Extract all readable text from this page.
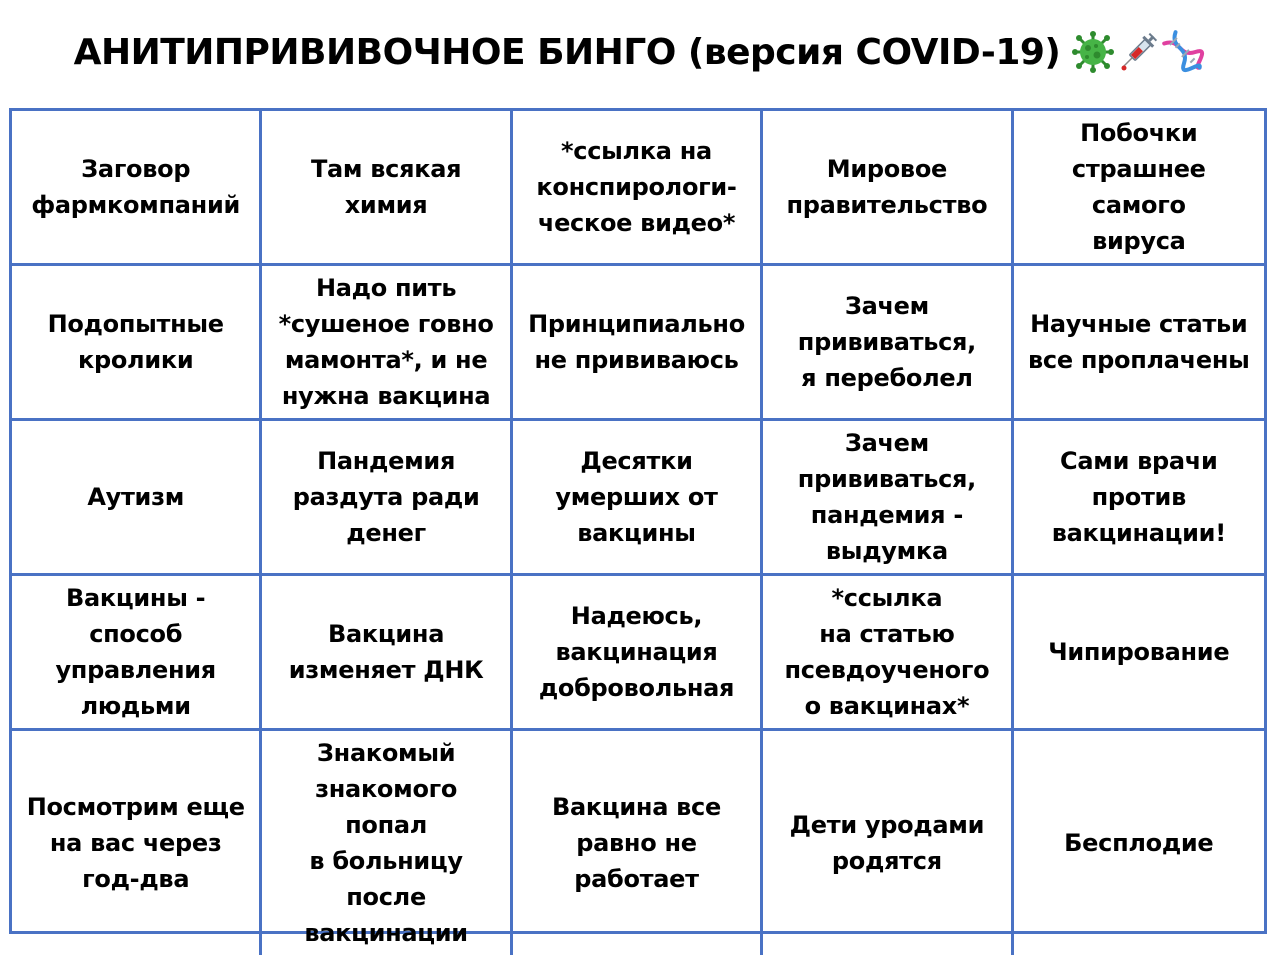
АНИТИПРИВИВОЧНОЕ БИНГО (версия COVID-19)
Заговор
фармкомпаний
Там всякая
химия
*ссылка на
конспирологи-
ческое видео*
Мировое
правительство
Побочки
страшнее самого
вируса
Подопытные
кролики
Надо пить
*сушеное говно
мамонта*, и не
нужна вакцина
Принципиально
не прививаюсь
Зачем
прививаться,
я переболел
Научные статьи
все проплачены
Аутизм
Пандемия
раздута ради
денег
Десятки
умерших от
вакцины
Зачем
прививаться,
пандемия -
выдумка
Сами врачи
против
вакцинации!
Вакцины -
способ
управления
людьми
Вакцина
изменяет ДНК
Надеюсь,
вакцинация
добровольная
*ссылка
на статью
псевдоученого
о вакцинах*
Чипирование
Посмотрим еще
на вас через
год-два
Знакомый
знакомого попал
в больницу после
вакцинации
Вакцина все
равно не
работает
Дети уродами
родятся
Бесплодие
